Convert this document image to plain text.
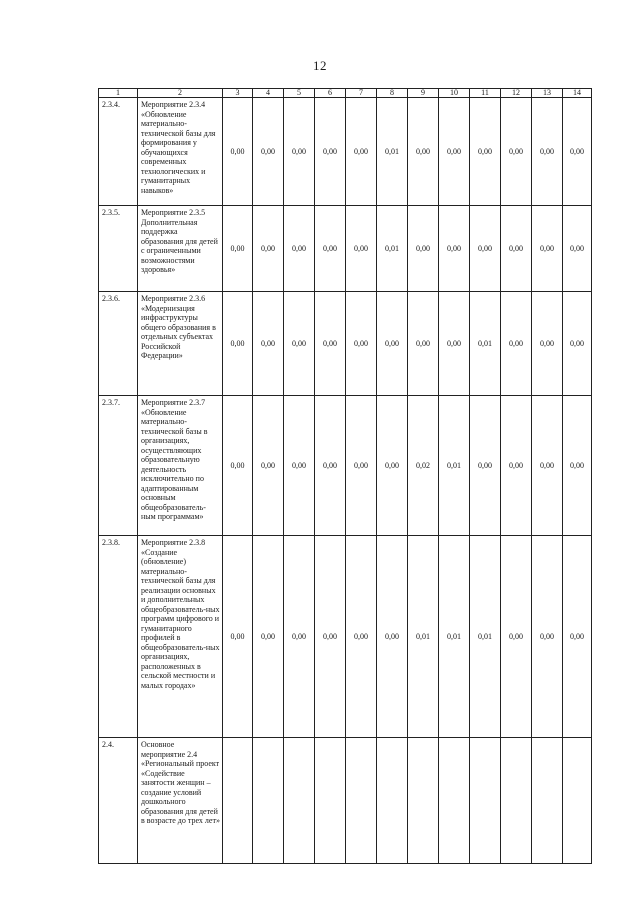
12
1	2	3	4	5	6	7	8	9	10	11	12	13	14
2.3.4.	Мероприятие 2.3.4 «Обновление материально-технической базы для формирования у обучающихся современных технологических и гуманитарных навыков»	0,00	0,00	0,00	0,00	0,00	0,01	0,00	0,00	0,00	0,00	0,00	0,00
2.3.5.	Мероприятие 2.3.5 Дополнительная поддержка образования для детей с ограниченными возможностями здоровья»	0,00	0,00	0,00	0,00	0,00	0,01	0,00	0,00	0,00	0,00	0,00	0,00
2.3.6.	Мероприятие 2.3.6 «Модернизация инфраструктуры общего образования в отдельных субъектах Российской Федерации»	0,00	0,00	0,00	0,00	0,00	0,00	0,00	0,00	0,01	0,00	0,00	0,00
2.3.7.	Мероприятие 2.3.7 «Обновление материально-технической базы в организациях, осуществляющих образовательную деятельность исключительно по адаптированным основным общеобразователь-ным программам»	0,00	0,00	0,00	0,00	0,00	0,00	0,02	0,01	0,00	0,00	0,00	0,00
2.3.8.	Мероприятие 2.3.8 «Создание (обновление) материально-технической базы для реализации основных и дополнительных общеобразователь-ных программ цифрового и гуманитарного профилей в общеобразователь-ных организациях, расположенных в сельской местности и малых городах»	0,00	0,00	0,00	0,00	0,00	0,00	0,01	0,01	0,01	0,00	0,00	0,00
2.4.	Основное мероприятие 2.4 «Региональный проект «Содействие занятости женщин – создание условий дошкольного образования для детей в возрасте до трех лет»												
